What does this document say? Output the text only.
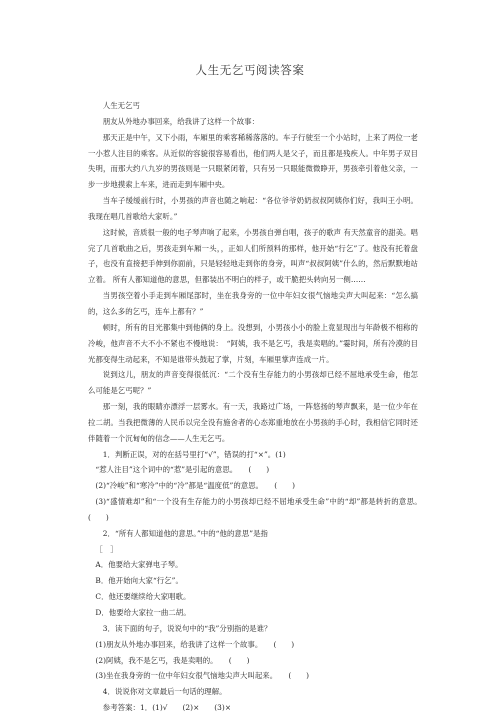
人生无乞丐阅读答案

人生无乞丐

朋友从外地办事回来，给我讲了这样一个故事：

那天正是中午，又下小雨，车厢里的乘客稀稀落落的。车子行驶至一个小站时，上来了两位一老一小惹人注目的乘客。从近似的容貌很容易看出，他们两人是父子，而且都是残疾人。中年男子双目失明，而那大约八九岁的男孩则是一只眼紧闭着，只有另一只眼能微微睁开，男孩牵引着他父亲，一步一步地摸索上车来，进而走到车厢中央。

当车子缓缓前行时，小男孩的声音也随之响起：“各位爷爷奶奶叔叔阿姨你们好，我叫王小明。我现在唱几首歌给大家听。”

这时候，音质很一般的电子琴声响了起来，小男孩自弹自唱，孩子的歌声 有天然童音的甜美。唱完了几首歌曲之后，男孩走到车厢一头，，正如人们所预料的那样，他开始“行乞”了。他没有托着盘子，也没有直接把手伸到你面前，只是轻轻地走到你的身旁，叫声“叔叔阿姨”什么的，然后默默地站立着。 所有人都知道他的意思，但都装出不明白的样子，或干脆把头转向另一侧……

当男孩空着小手走到车厢尾部时，坐在我身旁的一位中年妇女很气恼地尖声大叫起来：“怎么搞的，这么多的乞丐，连车上都有？”

顿时，所有的目光都集中到他俩的身上。没想到，小男孩小小的脸上竟显现出与年龄极不相称的冷峻，他声音不大不小不紧也不慢地说：　“阿姨，我不是乞丐，我是卖唱的。”霎时间，所有冷漠的目光都变得生动起来，不知是谁带头鼓起了掌，片刻，车厢里掌声连成一片。

说到这儿，朋友的声音变得很低沉：“二个没有生存能力的小男孩却已经不屈地承受生命，他怎么可能是乞丐呢？”

那一刻，我的眼睛亦漂浮一层雾水。有一天，我路过广场，一阵悠扬的琴声飘来，是一位少年在拉二胡。当我把微薄的人民币以完全没有施舍者的心态郑重地放在小男孩的手心时，我相信它同时还伴随着一个沉甸甸的信念——人生无乞丐。

1．判断正误，对的在括号里打“√”，错误的打“×”。(1)

“惹人注目”这个词中的“惹”是引起的意思。　　(　　)

(2)“冷峻”和“寒冷”中的“冷”都是“温度低”的意思。　　(　　)

(3)“盛情难却”和“一个没有生存能力的小男孩却已经不屈地承受生命”中的“却”都是转折的意思。　　(　　)

2．“所有人都知道他的意思。”中的“他的意思”是指

［　］

A．他要给大家弹电子琴。

B．他开始向大家“行乞”。

C．他还要继续给大家唱歌。

D．他要给大家拉一曲二胡。

3．读下面的句子，说说句中的“我”分别指的是谁？

(1)朋友从外地办事回来，给我讲了这样一个故事。　　(　　)

(2)阿姨，我不是乞丐，我是卖唱的。　　(　　)

(3)坐在我身旁的一位中年妇女很气恼地尖声大叫起来。　　(　　)

4．说说你对文章最后一句话的理解。

参考答案：1．(1)√　　(2)×　　(3)×
